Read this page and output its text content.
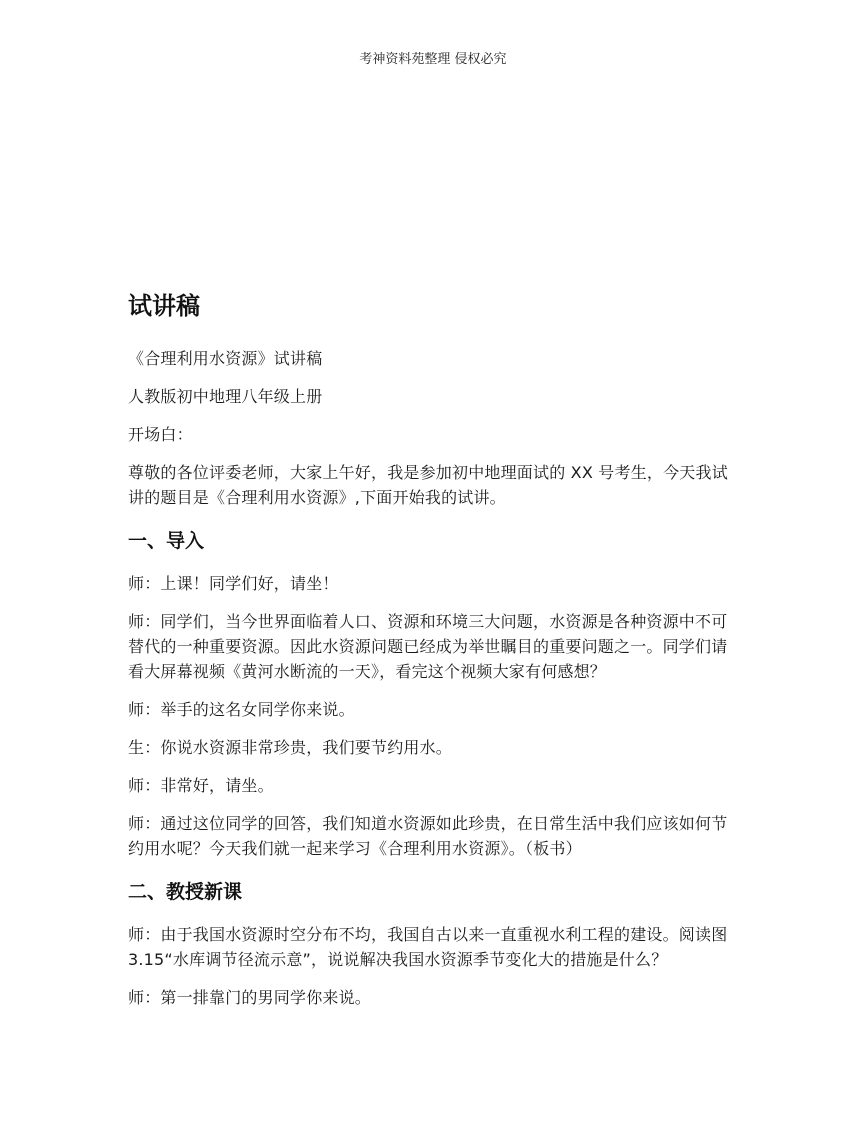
考神资料苑整理 侵权必究
试讲稿

《合理利用水资源》试讲稿

人教版初中地理八年级上册

开场白：

尊敬的各位评委老师，大家上午好，我是参加初中地理面试的 XX 号考生，今天我试讲的题目是《合理利用水资源》,下面开始我的试讲。

一、导入

师：上课！同学们好，请坐！

师：同学们，当今世界面临着人口、资源和环境三大问题，水资源是各种资源中不可替代的一种重要资源。因此水资源问题已经成为举世瞩目的重要问题之一。同学们请看大屏幕视频《黄河水断流的一天》，看完这个视频大家有何感想？

师：举手的这名女同学你来说。

生：你说水资源非常珍贵，我们要节约用水。

师：非常好，请坐。

师：通过这位同学的回答，我们知道水资源如此珍贵，在日常生活中我们应该如何节约用水呢？今天我们就一起来学习《合理利用水资源》。（板书）

二、教授新课

师：由于我国水资源时空分布不均，我国自古以来一直重视水利工程的建设。阅读图 3.15“水库调节径流示意”，说说解决我国水资源季节变化大的措施是什么？

师：第一排靠门的男同学你来说。
